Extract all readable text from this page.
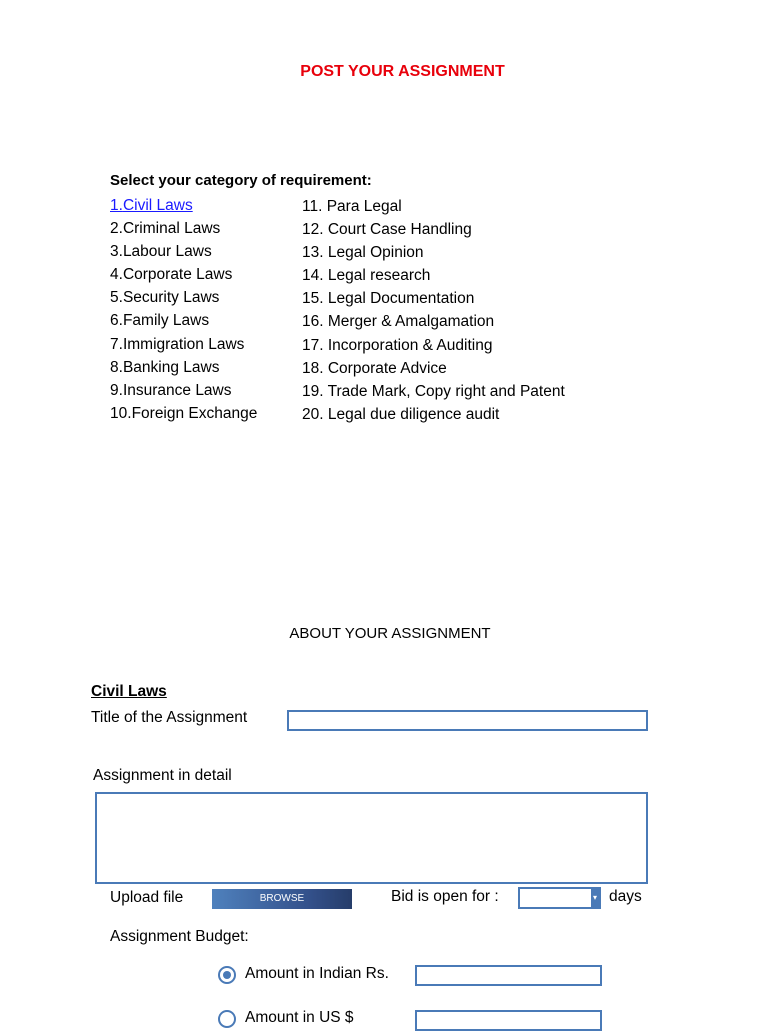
POST YOUR ASSIGNMENT
Select your category of requirement:
1.Civil Laws
2.Criminal Laws
3.Labour Laws
4.Corporate Laws
5.Security Laws
6.Family Laws
7.Immigration Laws
8.Banking Laws
9.Insurance Laws
10.Foreign Exchange
11. Para Legal
12. Court Case Handling
13. Legal Opinion
14. Legal research
15. Legal Documentation
16. Merger & Amalgamation
17. Incorporation & Auditing
18. Corporate Advice
19. Trade Mark, Copy right and Patent
20. Legal due diligence audit
ABOUT YOUR ASSIGNMENT
Civil Laws
Title of the Assignment
Assignment in detail
Upload file	BROWSE	Bid is open for :	▾ days
Assignment Budget:
Amount in Indian Rs.
Amount in US $
